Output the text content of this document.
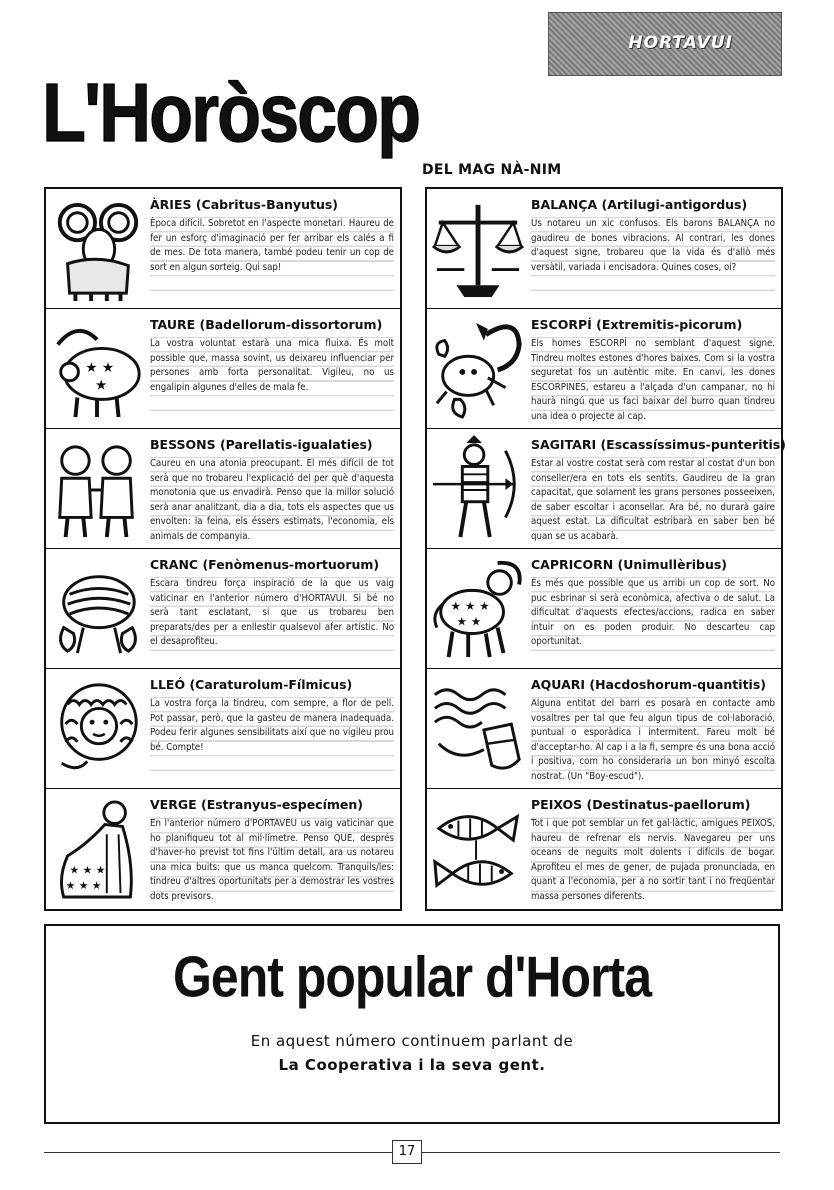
HORTAVUI
L'Horòscop
DEL MAG NÀ-NIM
ÀRIES (Cabritus-Banyutus)
Època difícil. Sobretot en l'aspecte monetari. Haureu de fer un esforç d'imaginació per fer arribar els calés a fi de mes. De tota manera, també podeu tenir un cop de sort en algun sorteig. Qui sap!
★ ★
★
TAURE (Badellorum-dissortorum)
La vostra voluntat estarà una mica fluixa. És molt possible que, massa sovint, us deixareu influenciar per persones amb forta personalitat. Vigileu, no us engalipin algunes d'elles de mala fe.
BESSONS (Parellatis-igualaties)
Caureu en una atonia preocupant. El més difícil de tot serà que no trobareu l'explicació del per què d'aquesta monotonia que us envadirà. Penso que la millor solució serà anar analitzant, dia a dia, tots els aspectes que us envolten: la feina, els éssers estimats, l'economia, els animals de companyia.
CRANC (Fenòmenus-mortuorum)
Escara tindreu força inspiració de la que us vaig vaticinar en l'anterior número d'HORTAVUI. Si bé no serà tant esclatant, si que us trobareu ben preparats/des per a enllestir qualsevol afer artístic. No el desaprofiteu.
LLEÓ (Caraturolum-Fílmicus)
La vostra força la tindreu, com sempre, a flor de pell. Pot passar, però, que la gasteu de manera inadequada. Podeu ferir algunes sensibilitats així que no vigileu prou bé. Compte!
★ ★ ★
★ ★ ★
VERGE (Estranyus-especímen)
En l'anterior número d'PORTAVEU us vaig vaticinar que ho planifiqueu tot al mil·límetre. Penso QUE, després d'haver-ho previst tot fins l'últim detall, ara us notareu una mica buits: que us manca quelcom. Tranquils/les: tindreu d'altres oportunitats per a demostrar les vostres dots previsors.
BALANÇA (Artilugi-antigordus)
Us notareu un xic confusos. Els barons BALANÇA no gaudireu de bones vibracions. Al contrari, les dones d'aquest signe, trobareu que la vida és d'allò més versàtil, variada i encisadora. Quines coses, oi?
ESCORPÍ (Extremitis-picorum)
Els homes ESCORPÍ no semblant d'aquest signe. Tindreu moltes estones d'hores baixes. Com si la vostra seguretat fos un autèntic mite. En canvi, les dones ESCORPINES, estareu a l'alçada d'un campanar, no hi haurà ningú que us faci baixar del burro quan tindreu una idea o projecte al cap.
SAGITARI (Escassíssimus-punteritis)
Estar al vostre costat serà com restar al costat d'un bon conseller/era en tots els sentits. Gaudireu de la gran capacitat, que solament les grans persones posseeixen, de saber escoltar i aconsellar. Ara bé, no durarà gaire aquest estat. La dificultat estribarà en saber ben bé quan se us acabarà.
★ ★ ★
★ ★
CAPRICORN (Unimullèribus)
És més que possible que us arribi un cop de sort. No puc esbrinar si serà econòmica, afectiva o de salut. La dificultat d'aquests efectes/accions, radica en saber intuir on es poden produir. No descarteu cap oportunitat.
AQUARI (Hacdoshorum-quantitis)
Alguna entitat del barri es posarà en contacte amb vosaltres per tal que feu algun tipus de col·laboració, puntual o esporàdica i intermitent. Fareu molt bé d'acceptar-ho. Al cap i a la fi, sempre és una bona acció i positiva, com ho consideraria un bon minyó escolta nostrat. (Un "Boy-escud").
PEIXOS (Destinatus-paellorum)
Tot i que pot semblar un fet gal·làctic, amigues PEIXOS, haureu de refrenar els nervis. Navegareu per uns oceans de neguits molt dolents i difícils de bogar. Aprofiteu el mes de gener, de pujada pronunciada, en quant a l'economia, per a no sortir tant i no freqüentar massa persones diferents.
Gent popular d'Horta
En aquest número continuem parlant de
La Cooperativa i la seva gent.
17
